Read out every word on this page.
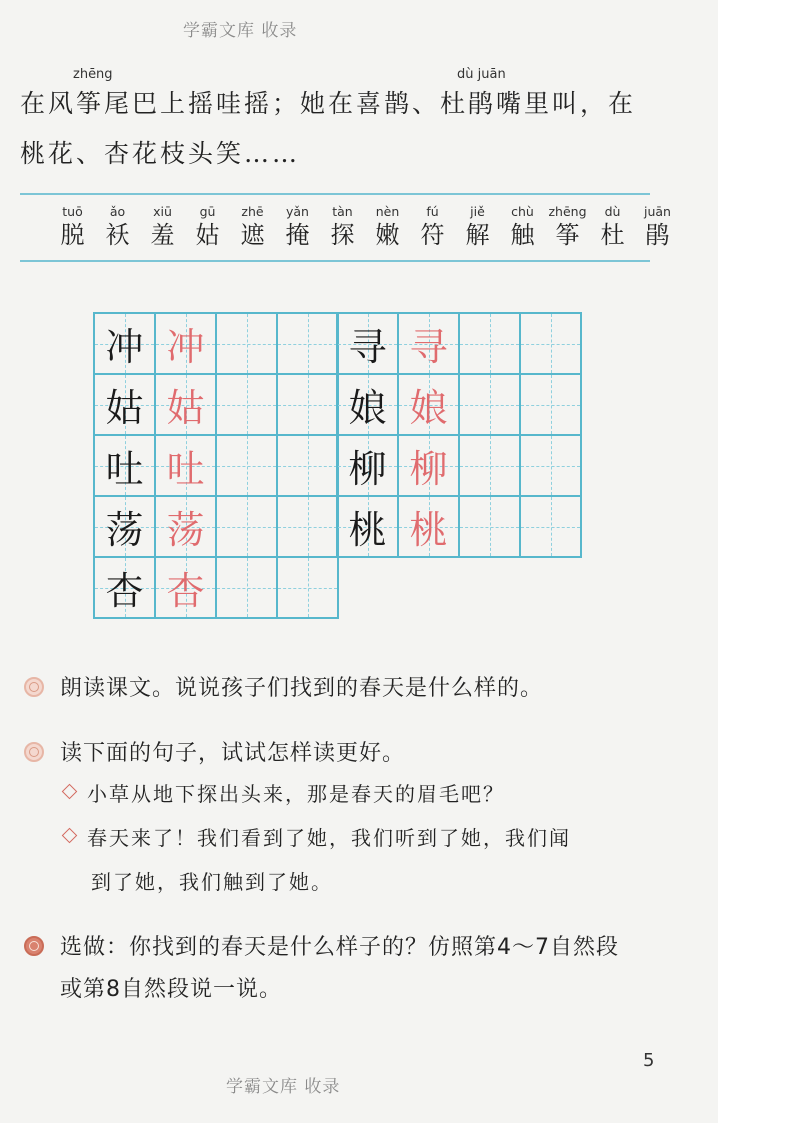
学霸文库 收录
zhēng	dù juān
在风筝尾巴上摇哇摇；她在喜鹊、杜鹃嘴里叫，在
桃花、杏花枝头笑……
tuō
脱
ǎo
袄
xiū
羞
gū
姑
zhē
遮
yǎn
掩
tàn
探
nèn
嫩
fú
符
jiě
解
chù
触
zhēng
筝
dù
杜
juān
鹃
冲 冲
姑 姑
吐 吐
荡 荡
杏 杏
寻 寻
娘 娘
柳 柳
桃 桃
朗读课文。说说孩子们找到的春天是什么样的。
读下面的句子，试试怎样读更好。
小草从地下探出头来，那是春天的眉毛吧？
春天来了！我们看到了她，我们听到了她，我们闻
到了她，我们触到了她。
选做：你找到的春天是什么样子的？仿照第4～7自然段
或第8自然段说一说。
5
学霸文库 收录
